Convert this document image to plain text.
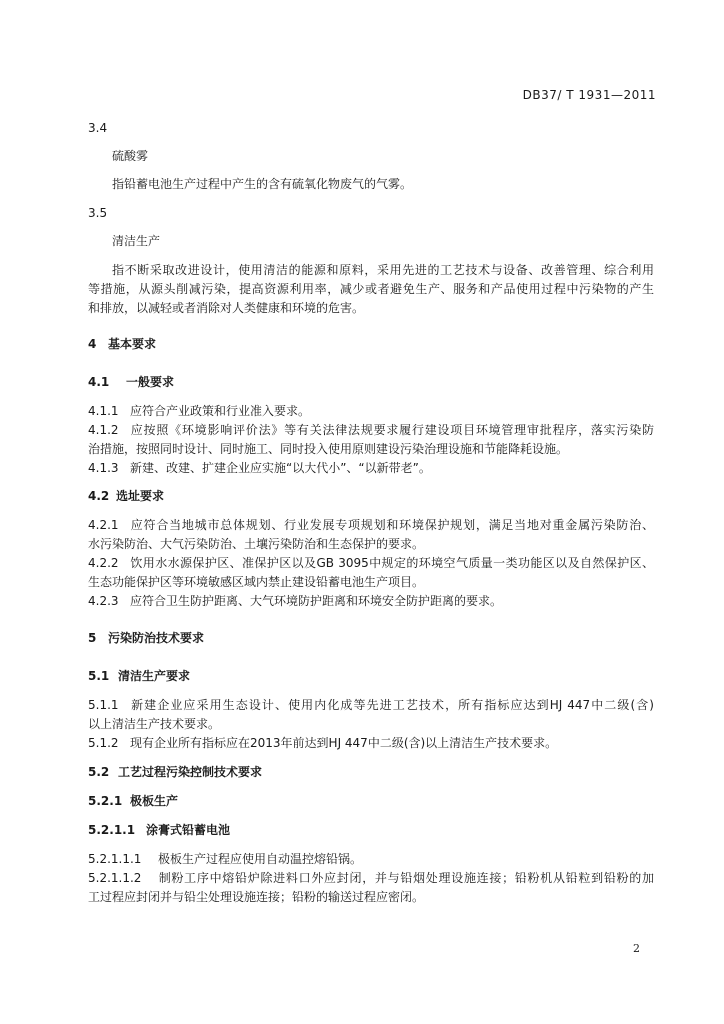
DB37/ T 1931—2011
3.4
硫酸雾
指铅蓄电池生产过程中产生的含有硫氧化物废气的气雾。
3.5
清洁生产
指不断采取改进设计，使用清洁的能源和原料，采用先进的工艺技术与设备、改善管理、综合利用
等措施，从源头削减污染，提高资源利用率，减少或者避免生产、服务和产品使用过程中污染物的产生
和排放，以减轻或者消除对人类健康和环境的危害。
4 基本要求
4.1 一般要求
4.1.1 应符合产业政策和行业准入要求。
4.1.2 应按照《环境影响评价法》等有关法律法规要求履行建设项目环境管理审批程序，落实污染防
治措施，按照同时设计、同时施工、同时投入使用原则建设污染治理设施和节能降耗设施。
4.1.3 新建、改建、扩建企业应实施“以大代小”、“以新带老”。
4.2 选址要求
4.2.1 应符合当地城市总体规划、行业发展专项规划和环境保护规划，满足当地对重金属污染防治、
水污染防治、大气污染防治、土壤污染防治和生态保护的要求。
4.2.2 饮用水水源保护区、准保护区以及GB 3095中规定的环境空气质量一类功能区以及自然保护区、
生态功能保护区等环境敏感区域内禁止建设铅蓄电池生产项目。
4.2.3 应符合卫生防护距离、大气环境防护距离和环境安全防护距离的要求。
5 污染防治技术要求
5.1 清洁生产要求
5.1.1 新建企业应采用生态设计、使用内化成等先进工艺技术，所有指标应达到HJ 447中二级(含)
以上清洁生产技术要求。
5.1.2 现有企业所有指标应在2013年前达到HJ 447中二级(含)以上清洁生产技术要求。
5.2 工艺过程污染控制技术要求
5.2.1 极板生产
5.2.1.1 涂膏式铅蓄电池
5.2.1.1.1 极板生产过程应使用自动温控熔铅锅。
5.2.1.1.2 制粉工序中熔铅炉除进料口外应封闭，并与铅烟处理设施连接；铅粉机从铅粒到铅粉的加
工过程应封闭并与铅尘处理设施连接；铅粉的输送过程应密闭。
2
